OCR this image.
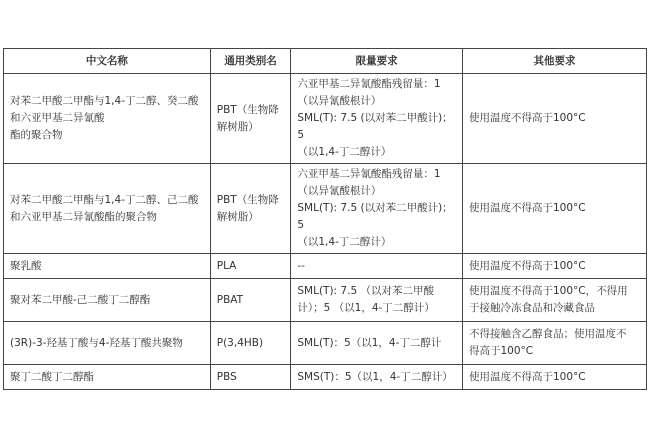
中文名称	通用类别名	限量要求	其他要求

对苯二甲酸二甲酯与1,4-丁二醇、癸二酸
和六亚甲基二异氰酸
酯的聚合物	PBT（生物降
解树脂）	六亚甲基二异氰酸酯残留量：1
（以异氰酸根计）
SML(T): 7.5 (以对苯二甲酸计)；5
（以1,4-丁二醇计）	使用温度不得高于100°C

对苯二甲酸二甲酯与1,4-丁二醇、己二酸
和六亚甲基二异氰酸酯的聚合物	PBT（生物降
解树脂）	六亚甲基二异氰酸酯残留量：1
（以异氰酸根计）
SML(T): 7.5 (以对苯二甲酸计)；5
（以1,4-丁二醇计）	使用温度不得高于100°C

聚乳酸	PLA	--	使用温度不得高于100°C

聚对苯二甲酸-己二酸丁二醇酯	PBAT	SML(T): 7.5 （以对苯二甲酸
计）；5 （以1，4-丁二醇计）	使用温度不得高于100°C，不得用
于接触冷冻食品和冷藏食品

(3R)-3-羟基丁酸与4-羟基丁酸共聚物	P(3,4HB)	SML(T)：5（以1，4-丁二醇计	不得接触含乙醇食品；使用温度不
得高于100°C

聚丁二酸丁二醇酯	PBS	SMS(T)：5（以1，4-丁二醇计）	使用温度不得高于100°C
